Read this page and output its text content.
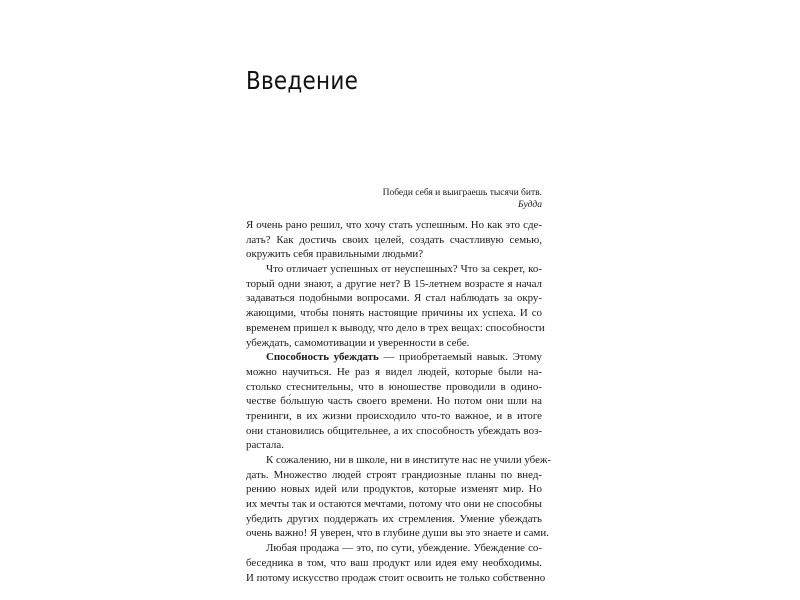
Введение
Победи себя и выиграешь тысячи битв.
Будда
Я очень рано решил, что хочу стать успешным. Но как это сде-
лать? Как достичь своих целей, создать счастливую семью,
окружить себя правильными людьми?
Что отличает успешных от неуспешных? Что за секрет, ко-
торый одни знают, а другие нет? В 15-летнем возрасте я начал
задаваться подобными вопросами. Я стал наблюдать за окру-
жающими, чтобы понять настоящие причины их успеха. И со
временем пришел к выводу, что дело в трех вещах: способности
убеждать, самомотивации и уверенности в себе.
Способность убеждать — приобретаемый навык. Этому
можно научиться. Не раз я видел людей, которые были на-
столько стеснительны, что в юношестве проводили в одино-
честве бо́льшую часть своего времени. Но потом они шли на
тренинги, в их жизни происходило что-то важное, и в итоге
они становились общительнее, а их способность убеждать воз-
растала.
К сожалению, ни в школе, ни в институте нас не учили убеж-
дать. Множество людей строят грандиозные планы по внед-
рению новых идей или продуктов, которые изменят мир. Но
их мечты так и остаются мечтами, потому что они не способны
убедить других поддержать их стремления. Умение убеждать
очень важно! Я уверен, что в глубине души вы это знаете и сами.
Любая продажа — это, по сути, убеждение. Убеждение со-
беседника в том, что ваш продукт или идея ему необходимы.
И потому искусство продаж стоит освоить не только собственно
